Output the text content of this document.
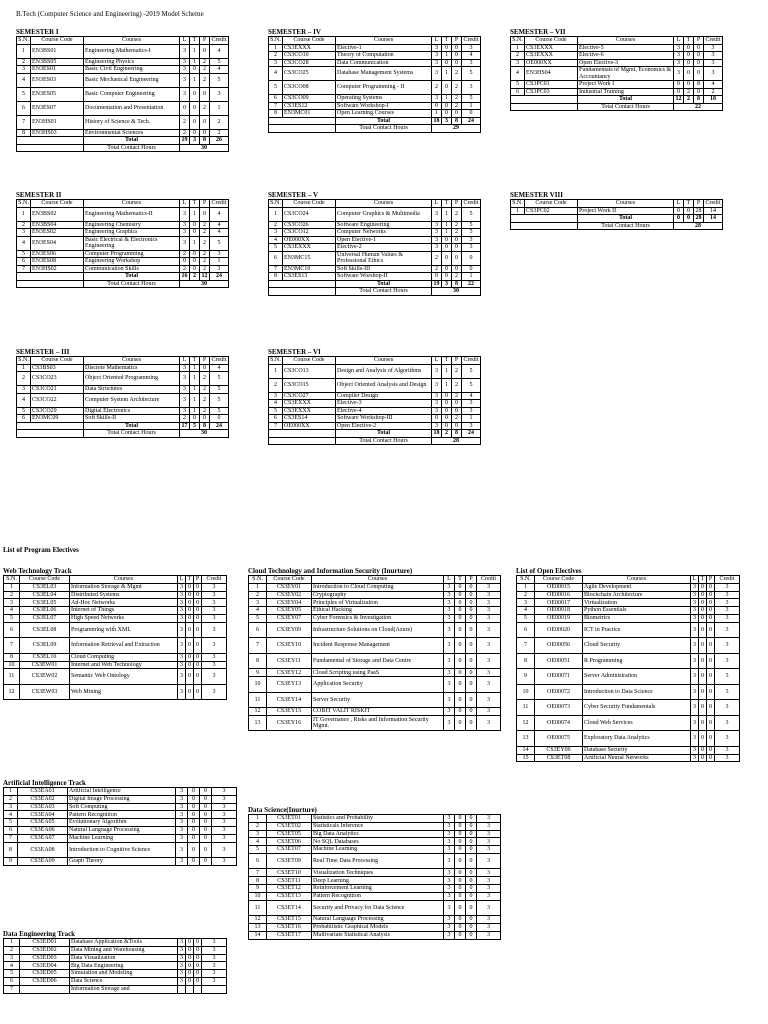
B.Tech (Computer Science and Engineering) -2019 Model Scheme
SEMESTER I
S.N.	Course Code	Courses	L	T	P	Credit
1	EN3BS01	Engineering Mathematics-I	3	1	0	4
2	EN3BS05	Engineering Physics	3	1	2	5
3	EN3ES01	Basic Civil Engineering	3	0	2	4
4	EN3ES03	Basic Mechanical Engineering	3	1	2	5
5	EN3ES05	Basic Computer Engineering	3	0	0	3
6	EN3ES07	Documentation and Presentation	0	0	2	1
7	EN3HS01	History of Science & Tech.	2	0	0	2
8	EN3HS03	Environmental Sciences	2	0	0	2
		Total	19	3	8	26
		Total Contact Hours	30			
SEMESTER II
S.N.	Course Code	Courses	L	T	P	Credit
1	EN3BS02	Engineering Mathematics-II	3	1	0	4
2	EN3BS04	Engineering Chemistry	3	0	2	4
3	EN3ES02	Engineering Graphics	3	0	2	4
4	EN3ES04	Basic Electrical & Electronics Engineering	3	1	2	5
5	EN3ES06	Computer Programming	2	0	2	3
6	EN3ES08	Engineering Workshop	0	0	2	1
7	EN3HS02	Communication Skills	2	0	2	3
		Total	16	2	12	24
		Total Contact Hours	30			
SEMESTER – III
S.N.	Course Code	Courses	L	T	P	Credit
1	CS3BS03	Discrete Mathematics	3	1	0	4
2	CS3CO23	Object Oriented Programming	3	1	2	5
3	CS3CO21	Data Structures	3	1	2	5
4	CS3CO22	Computer System Architecture	3	1	2	5
5	CS3CO29	Digital Electronics	3	1	2	5
6	EN3MC09	Soft Skills-II	2	0	0	0
		Total	17	5	8	24
		Total Contact Hours	30			
SEMESTER – IV
S.N.	Course Code	Courses	L	T	P	Credit
1	CS3EXXX	Elective-1	3	0	0	3
2	CS3CO10	Theory of Computation	3	1	0	4
3	CS3CO28	Data Communication	3	0	0	3
4	CS3CO25	Database Management Systems	3	1	2	5
5	CS3CO08	Computer Programming - II	2	0	2	3
6	CS3CO09	Operating Systems	3	1	2	5
7	CS3ES12	Software Workshop-I	0	0	2	1
8	EN3MC01	Open Learning Courses	1	0	0	0
		Total	18	3	8	24
		Total Contact Hours	29			
SEMESTER – V
S.N.	Course Code	Courses	L	T	P	Credit
1	CS3CO24	Computer Graphics & Multimedia	3	1	2	5
2	CS3CO26	Software Engineering	3	1	2	5
3	CS3CO12	Computer Networks	3	1	2	5
4	OE000XX	Open Elective-1	3	0	0	3
5	CS3EXXX	Elective-2	3	0	0	3
6	EN3MC15	Universal Human Values & Professional Ethics	2	0	0	0
7	EN3MC10	Soft Skills-III	2	0	0	0
8	CS3ES13	Software Worshop-II	0	0	2	1
		Total	19	3	8	22
		Total Contact Hours	30			
SEMESTER – VI
S.N.	Course Code	Courses	L	T	P	Credit
1	CS3CO13	Design and Analysis of Algorithms	3	1	2	5
2	CS3CO15	Object Oriented Analysis and Design	3	1	2	5
3	CS3CO27	Compiler Design	3	0	2	4
4	CS3EXXX	Elective-3	3	0	0	3
5	CS3EXXX	Elective-4	3	0	0	3
6	CS3ES14	Software Workshop-III	0	0	2	1
7	OE000XX	Open Elective-2	3	0	0	3
		Total	18	2	8	24
		Total Contact Hours	28			
SEMESTER – VII
S.N.	Course Code	Courses	L	T	P	Credit
1	CS3EXXX	Elective-5	3	0	0	3
2	CS3EXXX	Elective-6	3	0	0	3
3	OE000XX	Open Elective-3	3	0	0	3
4	EN3HS04	Fundamentals of Mgmt, Economics & Accountancy	3	0	0	3
5	CS3PC01	Project Work I	0	0	8	4
6	CS3PC03	Industrial Training	0	2	0	2
		Total	12	2	8	18
		Total Contact Hours	22			
SEMESTER VIII
S.N.	Course Code	Courses	L	T	P	Credit
1	CS3PC02	Project Work II	0	0	28	14
		Total	0	0	28	14
		Total Contact Hours	28			
List of Program Electives
Web Technology Track
S.N.	Course Code	Courses	L	T	P	Credit
1	CS3EL03	Information Storage & Mgmt	3	0	0	3
2	CS3EL04	Distributed Systems	3	0	0	3
3	CS3EL05	Ad-Hoc Networks	3	0	0	3
4	CS3EL06	Internet of Things	3	0	0	3
5	CS3EL07	High Speed Networks	3	0	0	3
6	CS3EL08	Programming with XML	3	0	0	3
7	CS3EL09	Information Retrieval and Extraction	3	0	0	3
8	CS3EL10	Cloud Computing	3	0	0	3
10	CS3EW01	Internet and Web Technology	3	0	0	3
11	CS3EW02	Semantic Web Ontology	3	0	0	3
12	CS3EW03	Web Mining	3	0	0	3
Cloud Technology and Information Security (Inurture)
S.N.	Course Code	Courses	L	T	P	Credit
1	CS3EY01	Introduction to Cloud Computing	3	0	0	3
2	CS3EY02	Cryptography	3	0	0	3
3	CS3EY04	Principles of Virtualization	3	0	0	3
4	CS3EY05	Ethical Hacking	3	0	0	3
5	CS3EY07	Cyber Forensics & Investigation	3	0	0	3
6	CS3EY09	Infrastructure Solutions on Cloud(Azure)	3	0	0	3
7	CS3EY10	Incident Response Management	3	0	0	3
8	CS3EY11	Fundamental of Storage and Data Centre	3	0	0	3
9	CS3EY12	Cloud Scripting using PaaS	3	0	0	3
10	CS3EY13	Application Security	3	0	0	3
11	CS3EY14	Server Security	3	0	0	3
12	CS3EY15	COBIT VALIT RISKIT	3	0	0	3
13	CS3EY16	IT Governance , Risks and Information Security Mgmt.	3	0	0	3
List of Open Electives
S.N.	Course Code	Courses	L	T	P	Credit
1	OE00015	Agile Development	3	0	0	3
2	OE00016	Blockchain Architecture	3	0	0	3
3	OE00017	Virtualization	3	0	0	3
4	OE00018	Python Essentials	3	0	0	3
5	OE00019	Biometrics	3	0	0	3
6	OE00020	ICT in Practice	3	0	0	3
7	OE00056	Cloud Security	3	0	0	3
8	OE00051	R Programming	3	0	0	3
9	OE00071	Server Administration	3	0	0	3
10	OE00072	Introduction to Data Science	3	0	0	3
11	OE00073	Cyber Security Fundamentals	3	0	0	3
12	OE00074	Cloud Web Services	3	0	0	3
13	OE00075	Exploratory Data Analytics	3	0	0	3
14	CS3EY06	Database Security	3	0	0	3
15	CS3ET08	Artificial Neural Networks	3	0	0	3
Artificial Intelligence Track
1	CS3EA01	Artificial Intelligence	3	0	0	3
2	CS3EA02	Digital Image Processing	3	0	0	3
3	CS3EA03	Soft Computing	3	0	0	3
4	CS3EA04	Pattern Recognition	3	0	0	3
5	CS3EA05	Evolutionary Algorithm	3	0	0	3
6	CS3EA06	Natural Language Processing	3	0	0	3
7	CS3EA07	Machine Learning	3	0	0	3
8	CS3EA08	Introduction to Cognitive Science	3	0	0	3
9	CS3EA09	Graph Theory	3	0	0	3
Data Science(Inurture)
1	CS3ET01	Statistics and Probability	3	0	0	3
2	CS3ET02	Statisticals Inference	3	0	0	3
3	CS3ET05	Big Data Analytics	3	0	0	3
4	CS3ET06	No SQL Databases	3	0	0	3
5	CS3ET07	Machine Learning	3	0	0	3
6	CS3ET09	Real Time Data Processing	3	0	0	3
7	CS3ET10	Visualization Techniques	3	0	0	3
8	CS3ET11	Deep Learning	3	0	0	3
9	CS3ET12	Reinforcement Learning	3	0	0	3
10	CS3ET13	Pattern Recognition	3	0	0	3
11	CS3ET14	Security and Privacy for Data Science	3	0	0	3
12	CS3ET15	Natural Language Processing	3	0	0	3
13	CS3ET16	Probabilistic Graphical Models	3	0	0	3
14	CS3ET17	Multivariate Statistical Analysis	3	0	0	3
Data Engineering Track
1	CS3ED01	Database Application &Tools	3	0	0	3
2	CS3ED02	Data Mining and Warehousing	3	0	0	3
3	CS3ED03	Data Visualization	3	0	0	3
4	CS3ED04	Big Data Engineering	3	0	0	3
5	CS3ED05	Simulation and Modeling	3	0	0	3
6	CS3ED06	Data Science	3	0	0	3
7		Information Storage and				
